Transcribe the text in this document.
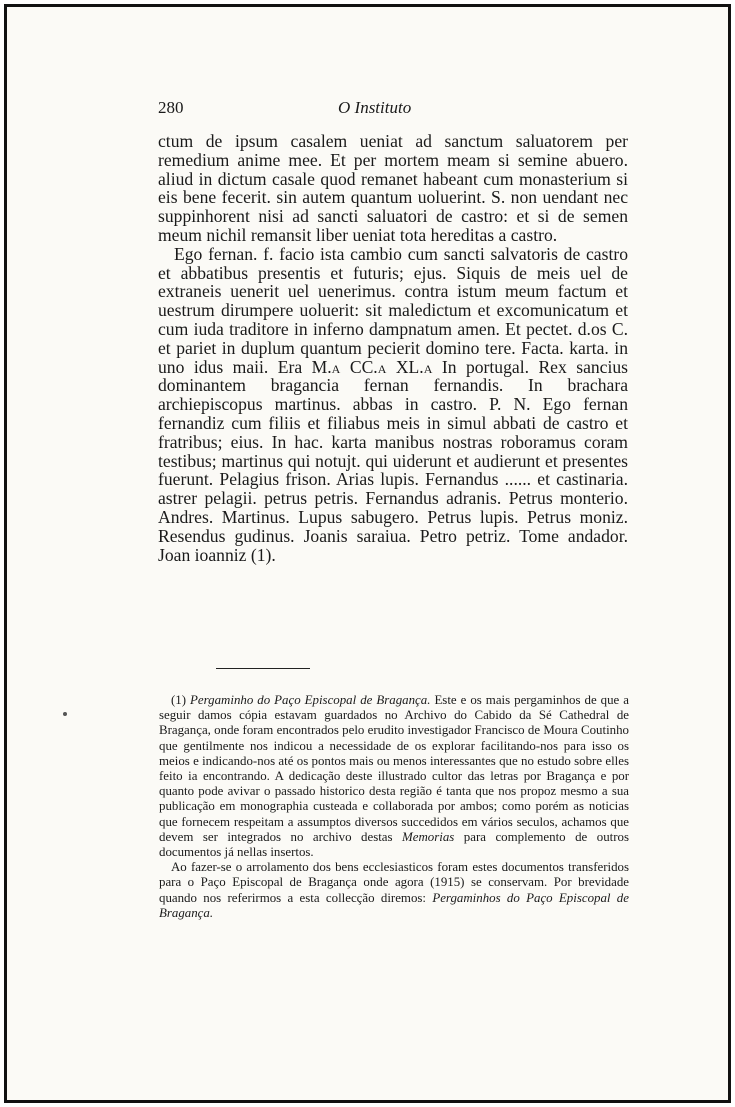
280	O Instituto

ctum de ipsum casalem ueniat ad sanctum saluatorem per remedium anime mee. Et per mortem meam si semine abuero. aliud in dictum casale quod remanet habeant cum monasterium si eis bene fecerit. sin autem quantum uoluerint. S. non uendant nec suppinhorent nisi ad sancti saluatori de castro: et si de semen meum nichil remansit liber ueniat tota hereditas a castro.

Ego fernan. f. facio ista cambio cum sancti salvatoris de castro et abbatibus presentis et futuris; ejus. Siquis de meis uel de extraneis uenerit uel uenerimus. contra istum meum factum et uestrum dirumpere uoluerit: sit maledictum et excomunicatum et cum iuda traditore in inferno dampnatum amen. Et pectet. d.os C. et pariet in duplum quantum pecierit domino tere. Facta. karta. in uno idus maii. Era M.a CC.a XL.a In portugal. Rex sancius dominantem bragancia fernan fernandis. In brachara archiepiscopus martinus. abbas in castro. P. N. Ego fernan fernandiz cum filiis et filiabus meis in simul abbati de castro et fratribus; eius. In hac. karta manibus nostras roboramus coram testibus; martinus qui notujt. qui uiderunt et audierunt et presentes fuerunt. Pelagius frison. Arias lupis. Fernandus ...... et castinaria. astrer pelagii. petrus petris. Fernandus adranis. Petrus monterio. Andres. Martinus. Lupus sabugero. Petrus lupis. Petrus moniz. Resendus gudinus. Joanis saraiua. Petro petriz. Tome andador. Joan ioanniz (1).

(1) Pergaminho do Paço Episcopal de Bragança. Este e os mais pergaminhos de que a seguir damos cópia estavam guardados no Archivo do Cabido da Sé Cathedral de Bragança, onde foram encontrados pelo erudito investigador Francisco de Moura Coutinho que gentilmente nos indicou a necessidade de os explorar facilitando-nos para isso os meios e indicando-nos até os pontos mais ou menos interessantes que no estudo sobre elles feito ia encontrando. A dedicação deste illustrado cultor das letras por Bragança e por quanto pode avivar o passado historico desta região é tanta que nos propoz mesmo a sua publicação em monographia custeada e collaborada por ambos; como porém as noticias que fornecem respeitam a assumptos diversos succedidos em vários seculos, achamos que devem ser integrados no archivo destas Memorias para complemento de outros documentos já nellas insertos.

Ao fazer-se o arrolamento dos bens ecclesiasticos foram estes documentos transferidos para o Paço Episcopal de Bragança onde agora (1915) se conservam. Por brevidade quando nos referirmos a esta collecção diremos: Pergaminhos do Paço Episcopal de Bragança.
